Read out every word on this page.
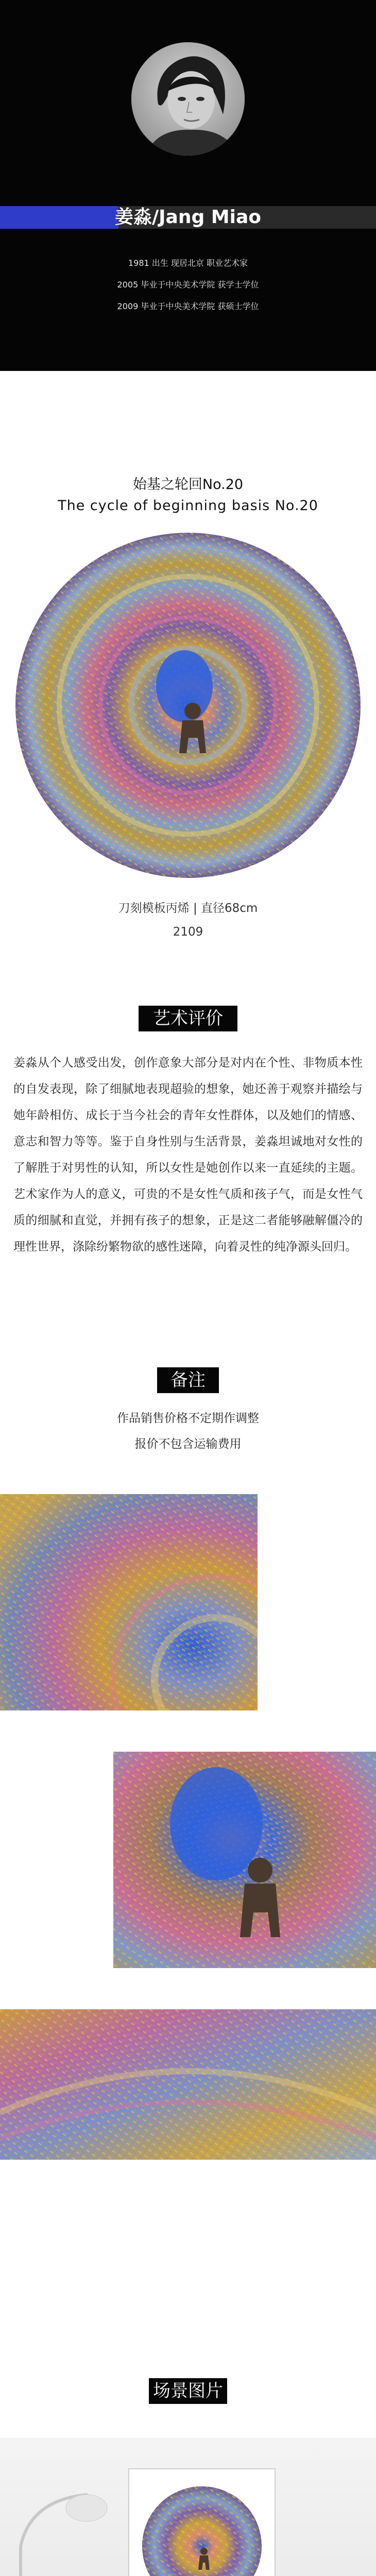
姜淼/Jang Miao
1981 出生 现居北京 职业艺术家
2005 毕业于中央美术学院 获学士学位
2009 毕业于中央美术学院 获硕士学位
始基之轮回No.20
The cycle of beginning basis No.20
刀刻模板丙烯 | 直径68cm
2109
艺术评价
姜淼从个人感受出发，创作意象大部分是对内在个性、非物质本性的自发表现，除了细腻地表现超验的想象，她还善于观察并描绘与她年龄相仿、成长于当今社会的青年女性群体，以及她们的情感、意志和智力等等。鉴于自身性别与生活背景，姜淼坦诚地对女性的了解胜于对男性的认知，所以女性是她创作以来一直延续的主题。艺术家作为人的意义，可贵的不是女性气质和孩子气，而是女性气质的细腻和直觉，并拥有孩子的想象，正是这二者能够融解僵冷的理性世界，涤除纷繁物欲的感性迷障，向着灵性的纯净源头回归。
备注
作品销售价格不定期作调整
报价不包含运输费用
场景图片
